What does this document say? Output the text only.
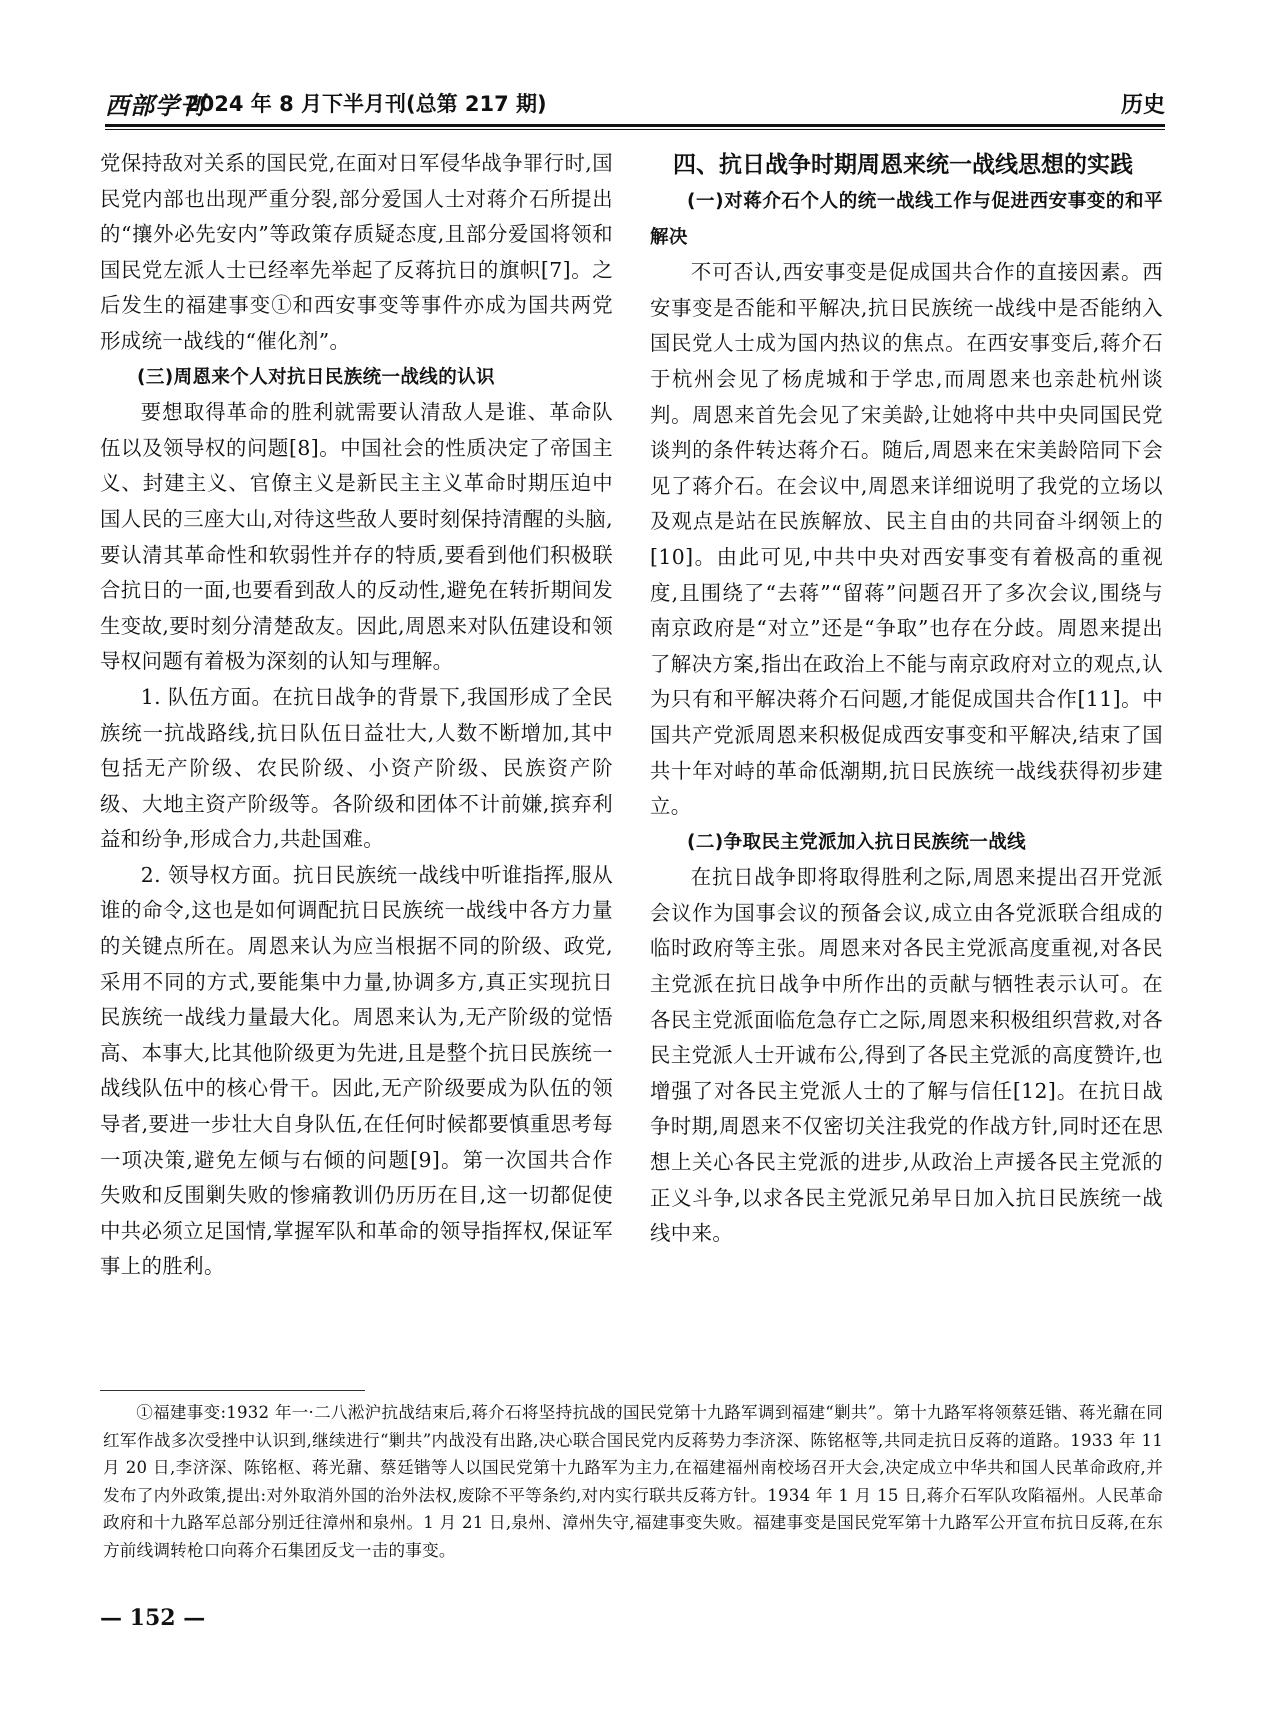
西部学刊
2024 年 8 月下半月刊(总第 217 期)	历史

党保持敌对关系的国民党,在面对日军侵华战争罪行时,国民党内部也出现严重分裂,部分爱国人士对蒋介石所提出的“攘外必先安内”等政策存质疑态度,且部分爱国将领和国民党左派人士已经率先举起了反蒋抗日的旗帜[7]。之后发生的福建事变①和西安事变等事件亦成为国共两党形成统一战线的“催化剂”。

(三)周恩来个人对抗日民族统一战线的认识

要想取得革命的胜利就需要认清敌人是谁、革命队伍以及领导权的问题[8]。中国社会的性质决定了帝国主义、封建主义、官僚主义是新民主主义革命时期压迫中国人民的三座大山,对待这些敌人要时刻保持清醒的头脑,要认清其革命性和软弱性并存的特质,要看到他们积极联合抗日的一面,也要看到敌人的反动性,避免在转折期间发生变故,要时刻分清楚敌友。因此,周恩来对队伍建设和领导权问题有着极为深刻的认知与理解。

1. 队伍方面。在抗日战争的背景下,我国形成了全民族统一抗战路线,抗日队伍日益壮大,人数不断增加,其中包括无产阶级、农民阶级、小资产阶级、民族资产阶级、大地主资产阶级等。各阶级和团体不计前嫌,摈弃利益和纷争,形成合力,共赴国难。

2. 领导权方面。抗日民族统一战线中听谁指挥,服从谁的命令,这也是如何调配抗日民族统一战线中各方力量的关键点所在。周恩来认为应当根据不同的阶级、政党,采用不同的方式,要能集中力量,协调多方,真正实现抗日民族统一战线力量最大化。周恩来认为,无产阶级的觉悟高、本事大,比其他阶级更为先进,且是整个抗日民族统一战线队伍中的核心骨干。因此,无产阶级要成为队伍的领导者,要进一步壮大自身队伍,在任何时候都要慎重思考每一项决策,避免左倾与右倾的问题[9]。第一次国共合作失败和反围剿失败的惨痛教训仍历历在目,这一切都促使中共必须立足国情,掌握军队和革命的领导指挥权,保证军事上的胜利。

四、抗日战争时期周恩来统一战线思想的实践

(一)对蒋介石个人的统一战线工作与促进西安事变的和平解决

不可否认,西安事变是促成国共合作的直接因素。西安事变是否能和平解决,抗日民族统一战线中是否能纳入国民党人士成为国内热议的焦点。在西安事变后,蒋介石于杭州会见了杨虎城和于学忠,而周恩来也亲赴杭州谈判。周恩来首先会见了宋美龄,让她将中共中央同国民党谈判的条件转达蒋介石。随后,周恩来在宋美龄陪同下会见了蒋介石。在会议中,周恩来详细说明了我党的立场以及观点是站在民族解放、民主自由的共同奋斗纲领上的[10]。由此可见,中共中央对西安事变有着极高的重视度,且围绕了“去蒋”“留蒋”问题召开了多次会议,围绕与南京政府是“对立”还是“争取”也存在分歧。周恩来提出了解决方案,指出在政治上不能与南京政府对立的观点,认为只有和平解决蒋介石问题,才能促成国共合作[11]。中国共产党派周恩来积极促成西安事变和平解决,结束了国共十年对峙的革命低潮期,抗日民族统一战线获得初步建立。

(二)争取民主党派加入抗日民族统一战线

在抗日战争即将取得胜利之际,周恩来提出召开党派会议作为国事会议的预备会议,成立由各党派联合组成的临时政府等主张。周恩来对各民主党派高度重视,对各民主党派在抗日战争中所作出的贡献与牺牲表示认可。在各民主党派面临危急存亡之际,周恩来积极组织营救,对各民主党派人士开诚布公,得到了各民主党派的高度赞许,也增强了对各民主党派人士的了解与信任[12]。在抗日战争时期,周恩来不仅密切关注我党的作战方针,同时还在思想上关心各民主党派的进步,从政治上声援各民主党派的正义斗争,以求各民主党派兄弟早日加入抗日民族统一战线中来。

①福建事变:1932 年一·二八淞沪抗战结束后,蒋介石将坚持抗战的国民党第十九路军调到福建“剿共”。第十九路军将领蔡廷锴、蒋光鼐在同红军作战多次受挫中认识到,继续进行“剿共”内战没有出路,决心联合国民党内反蒋势力李济深、陈铭枢等,共同走抗日反蒋的道路。1933 年 11 月 20 日,李济深、陈铭枢、蒋光鼐、蔡廷锴等人以国民党第十九路军为主力,在福建福州南校场召开大会,决定成立中华共和国人民革命政府,并发布了内外政策,提出:对外取消外国的治外法权,废除不平等条约,对内实行联共反蒋方针。1934 年 1 月 15 日,蒋介石军队攻陷福州。人民革命政府和十九路军总部分别迁往漳州和泉州。1 月 21 日,泉州、漳州失守,福建事变失败。福建事变是国民党军第十九路军公开宣布抗日反蒋,在东方前线调转枪口向蒋介石集团反戈一击的事变。
— 152 —
